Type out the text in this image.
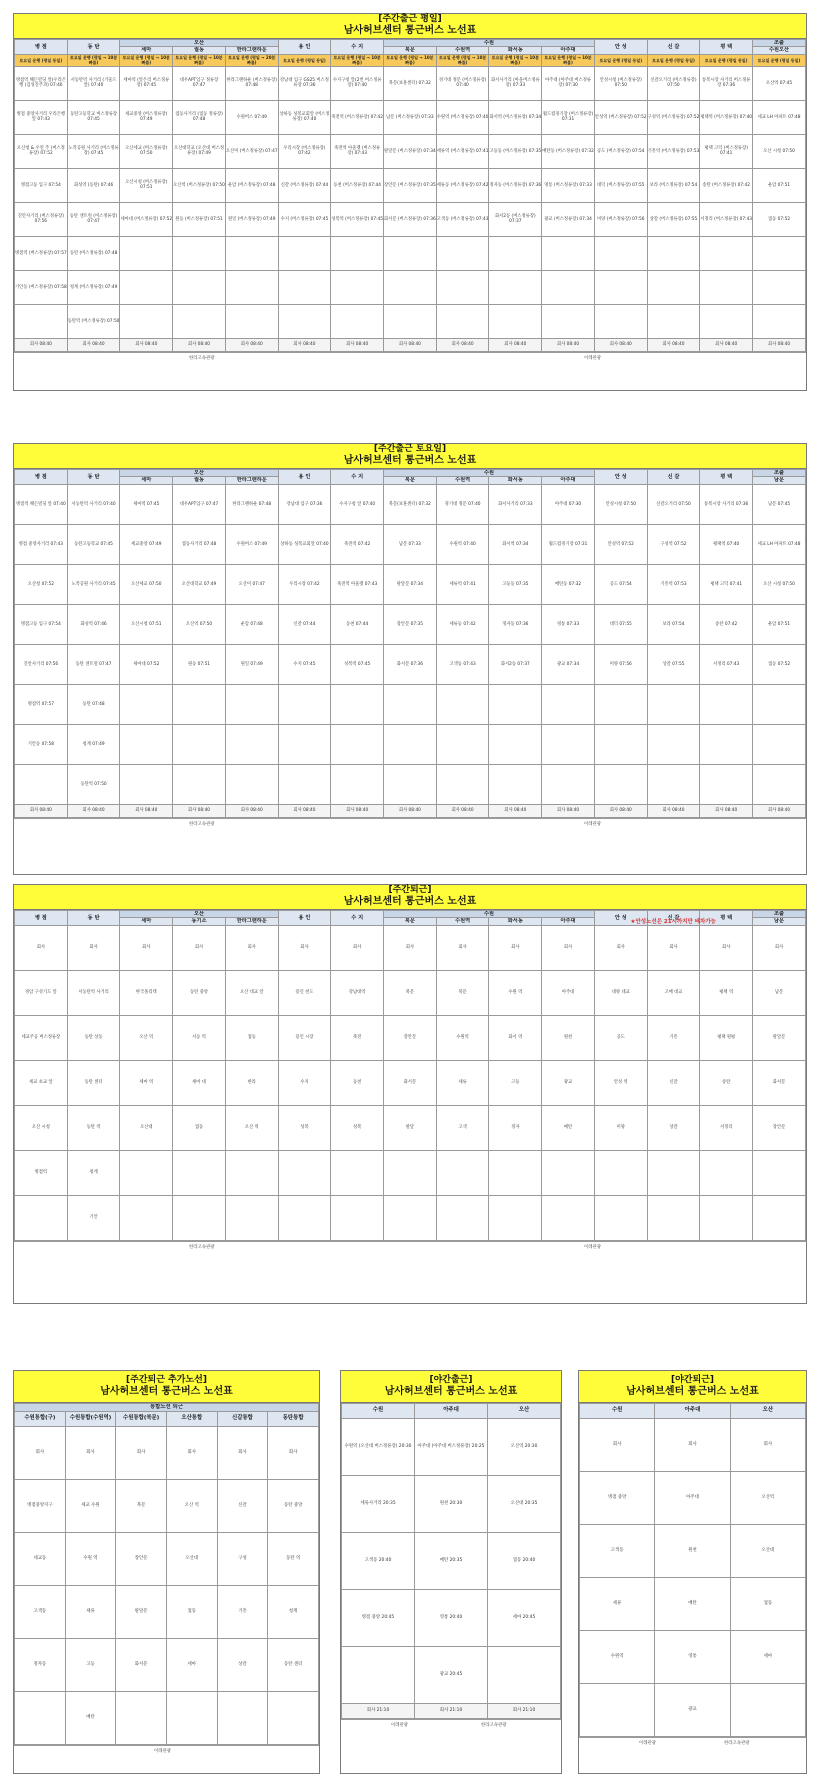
[주간출근 평일]
남사허브센터 통근버스 노선표
병 점	동 탄	오산			용 인	수 지	수원				안 성	신 갈	평 택	조출
		세마	궐동	한라그랜하운			북문	수원역	화서동	아주대				수원오산
토요일 운행 (평일 동일)	토요일 운행 (평일 → 10분 빠름)	토요일 운행 (평일 → 10분 빠름)	토요일 운행 (평일 → 10분 빠름)	토요일 운행 (평일 → 20분 빠름)	토요일 운행 (평일 동일)	토요일 운행 (평일 → 10분 빠름)	토요일 운행 (평일 → 10분 빠름)	토요일 운행 (평일 → 10분 빠름)	토요일 운행 (평일 → 10분 빠름)	토요일 운행 (평일 → 10분 빠름)	토요일 운행 (평일 동일)	토요일 운행 (평일 동일)	토요일 운행 (평일 동일)	토요일 운행 (평일 동일)
병점역 해든빌딩 앞(우리은행 (김성진주과) 07:40	서동탄역 사거리 (거울드 앞) 07:40	세마역 (앞은리 버스정류장) 07:45	대우APT입구 정류장 07:47	한라그랜하운 (버스정류장) 07:48	강남대 입구 GS25 버스정류장 07:36	수지구청 앞(2번 버스정류장) 07:40	북문(보훈센터) 07:32	경기대 정문 (버스정류장) 07:40	화서사거리 (마을버스정류장) 07:33	아주대 (아주대 버스정류장) 07:30	안성시청 (버스정류장) 07:50	신갈오거리 (버스정류장) 07:50	통복시장 사거리 버스정류장 07:36	오산역 07:45
병점 중앙사거리 우리은행 앞 07:43	동탄고등학교 버스정류장 07:45	세교중앙 (버스정류장) 07:49	궐동사거리 (궐동 정류장) 07:48	수원버스 07:49	상하동 성복교회앞 (버스정류장) 07:40	죽전역 (버스정류장) 07:42	남문 (버스정류장) 07:33	수원역 (버스정류장) 07:40	화서역 (버스정류장) 07:34	월드컵경기장 (버스정류장) 07:31	안성역 (버스정류장) 07:52	구성역 (버스정류장) 07:52	평택역 (버스정류장) 07:40	세교 LH 아파트 07:48
오산청 & 우연 주 (버스정류장) 07:52	노작공원 사거리 (버스정류장) 07:45	오산세교 (버스정류장) 07:50	오산대학교 (오산대 버스정류장) 07:49	오산미 (버스정류장) 07:47	우리시장 (버스정류장) 07:42	죽전역 아울렛 (버스정류장) 07:43	팔달문 (버스정류장) 07:34	세류역 (버스정류장) 07:41	고등동 (버스정류장) 07:35	매탄동 (버스정류장) 07:32	공도 (버스정류장) 07:54	기흥역 (버스정류장) 07:53	평택 고덕 (버스정류장) 07:41	오산 시청 07:50
병점고등 입구 07:54	화성역 (동탄) 07:46	오산시청 (버스정류장) 07:51	오산역 (버스정류장) 07:50	운암 (버스정류장) 07:48	신갈 (버스정류장) 07:44	동천 (버스정류장) 07:44	장안문 (버스정류장) 07:35	세류동 (버스정류장) 07:42	정자동 (버스정류장) 07:36	영통 (버스정류장) 07:33	대덕 (버스정류장) 07:55	보라 (버스정류장) 07:54	송탄 (버스정류장) 07:42	운암 07:51
진안사거리 (버스정류장) 07:56	동탄 센트럴 (버스정류장) 07:47	세마대 (버스정류장) 07:52	원동 (버스정류장) 07:51	원일 (버스정류장) 07:49	수지 (버스정류장) 07:45	성복역 (버스정류장) 07:45	화서문 (버스정류장) 07:36	고색동 (버스정류장) 07:43	화서2동 (버스정류장) 07:37	광교 (버스정류장) 07:34	미양 (버스정류장) 07:56	상갈 (버스정류장) 07:55	서정리 (버스정류장) 07:43	궐동 07:52
병점역 (버스정류장) 07:57	동탄 (버스정류장) 07:48													
기안동 (버스정류장) 07:58	청계 (버스정류장) 07:49													
	동탄역 (버스정류장) 07:50													
회사 08:40	회사 08:40	회사 08:40	회사 08:40	회사 08:40	회사 08:40	회사 08:40	회사 08:40	회사 08:40	회사 08:40	회사 08:40	회사 08:40	회사 08:40	회사 08:40	회사 08:40
한라고속관광	이레관광
[주간출근 토요일]
남사허브센터 통근버스 노선표
병 점	동 탄	오산			용 인	수 지	수원				안 성	신 갈	평 택	조출
		세마	궐동	한라그랜하운			북문	수원역	화서동	아주대				남문
병점역 해든빌딩 앞 07:40	서동탄역 사거리 07:40	세마역 07:45	대우APT입구 07:47	한라그랜하운 07:48	강남대 입구 07:36	수지구청 앞 07:40	북문(보훈센터) 07:32	경기대 정문 07:40	화서사거리 07:33	아주대 07:30	안성시청 07:50	신갈오거리 07:50	통복시장 사거리 07:36	남문 07:45
병점 중앙사거리 07:43	동탄고등학교 07:45	세교중앙 07:49	궐동사거리 07:48	수원버스 07:49	상하동 성복교회앞 07:40	죽전역 07:42	남문 07:33	수원역 07:40	화서역 07:34	월드컵경기장 07:31	안성역 07:52	구성역 07:52	평택역 07:40	세교 LH 아파트 07:48
오산청 07:52	노작공원 사거리 07:45	오산세교 07:50	오산대학교 07:49	오산미 07:47	우리시장 07:42	죽전역 아울렛 07:43	팔달문 07:34	세류역 07:41	고등동 07:35	매탄동 07:32	공도 07:54	기흥역 07:53	평택 고덕 07:41	오산 시청 07:50
병점고등 입구 07:54	화성역 07:46	오산시청 07:51	오산역 07:50	운암 07:48	신갈 07:44	동천 07:44	장안문 07:35	세류동 07:42	정자동 07:36	영통 07:33	대덕 07:55	보라 07:54	송탄 07:42	운암 07:51
진안사거리 07:56	동탄 센트럴 07:47	세마대 07:52	원동 07:51	원일 07:49	수지 07:45	성복역 07:45	화서문 07:36	고색동 07:43	화서2동 07:37	광교 07:34	미양 07:56	상갈 07:55	서정리 07:43	궐동 07:52
병점역 07:57	동탄 07:48													
기안동 07:58	청계 07:49													
	동탄역 07:50													
회사 08:40	회사 08:40	회사 08:40	회사 08:40	회사 08:40	회사 08:40	회사 08:40	회사 08:40	회사 08:40	회사 08:40	회사 08:40	회사 08:40	회사 08:40	회사 08:40	회사 08:40
한라고속관광	이레관광
[주간퇴근]
남사허브센터 통근버스 노선표
★안성노선은 21시까지만 배차가능
병 점	동 탄	오산			용 인	수 지	수원				안 성	신 갈	평 택	조출
		세마	동기소	한라그랜하운			북문	수원역	화서동	아주대				남문
회사	회사	회사	회사	회사	회사	회사	회사	회사	회사	회사	회사	회사	회사	회사
경암 구성기도 앞	서동탄역 사거리	한국폴리텍	동탄 중앙	오산 대교 앞	용인 천도	강남대역	북문	북문	수원 역	아주대	대양 대교	고매 대교	평택 역	남문
세교주공 버스정류장	동탄 상동	오산 역	서동 역	궐동	용인 시장	죽전	장안문	수원역	화서 역	원천	공도	기흥	평택 원평	팔달문
세교 초교 앞	동탄 센터	세마 역	세마 대	한라	수지	동천	화서문	세류	고등	광교	안성 역	신갈	송탄	화서문
오산 시청	동탄 역	오산대	궐동	오산 역	성복	성복	팔달	고색	정자	매탄	미양	상갈	서정리	장안문
병점역	청계													
	기안													
한라고속관광	이레관광
[주간퇴근 추가노선]
남사허브센터 통근버스 노선표
통합노선 퇴근					
수원통합(구)	수원통합(수원역)	수원통합(북문)	오산통합	신갈통합	동탄통합
회사	회사	회사	회사	회사	회사
병점중앙지구	세교 수원	북문	오산 역	신갈	동탄 중앙
세교동	수원 역	장안문	오산대	구성	동탄 역
고색동	세류	팔달문	궐동	기흥	청계
정자동	고등	화서문	세마	상갈	동탄 센터
	매탄				
이레관광
[야간출근]
남사허브센터 통근버스 노선표
수원	아주대	오산
수원역 (오산대 버스정류장) 20:30	아주대 (아주대 버스정류장) 20:25	오산역 20:30
세류사거리 20:35	원천 20:30	오산대 20:35
고색동 20:40	매탄 20:35	궐동 20:40
병점 중앙 20:45	영통 20:40	세마 20:45
	광교 20:45	
회사 21:10	회사 21:10	회사 21:10
이레관광	한라고속관광
[야간퇴근]
남사허브센터 통근버스 노선표
수원	아주대	오산
회사	회사	회사
병점 중앙	아주대	오산역
고색동	원천	오산대
세류	매탄	궐동
수원역	영통	세마
	광교	
이레관광	한라고속관광
